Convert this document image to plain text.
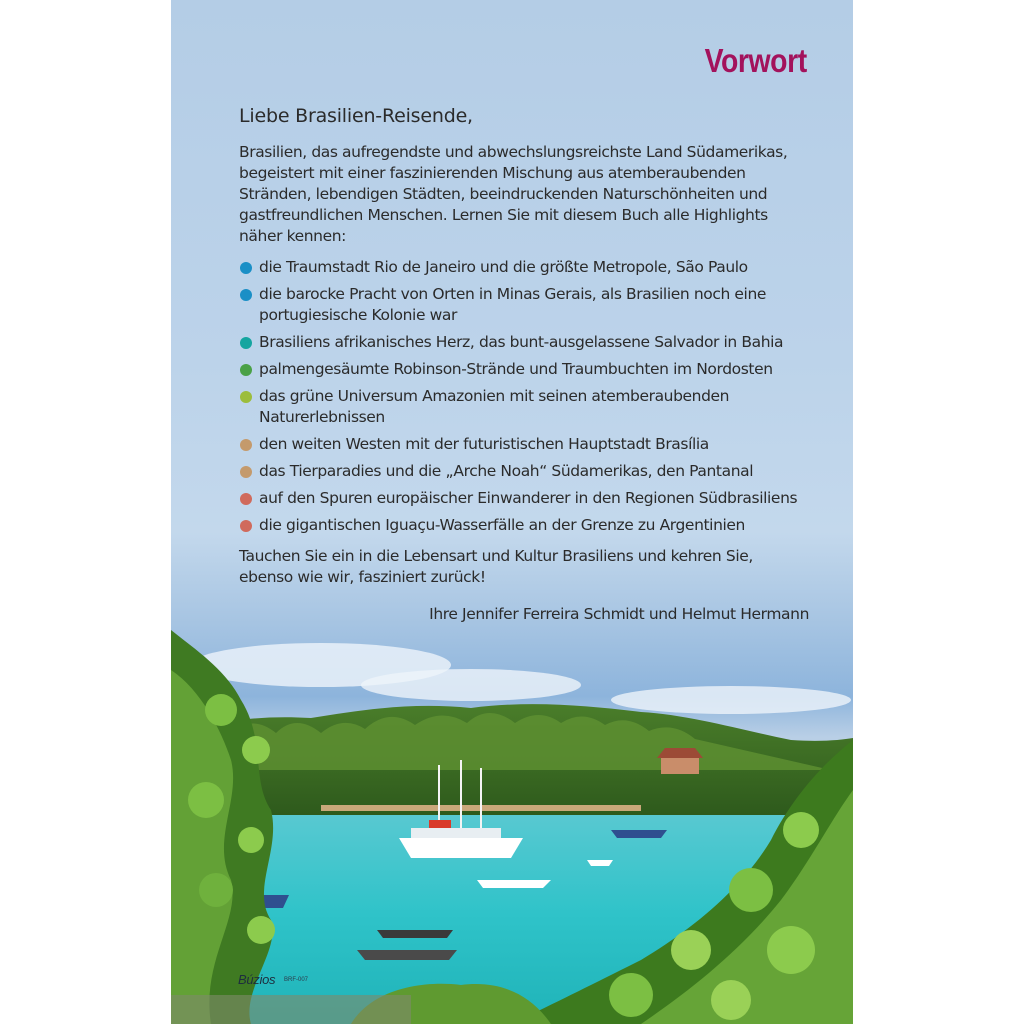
Vorwort

Liebe Brasilien-Reisende,

Brasilien, das aufregendste und abwechslungsreichste Land Südamerikas, begeistert mit einer faszinierenden Mischung aus atemberaubenden Stränden, lebendigen Städten, beeindruckenden Naturschönheiten und gastfreundlichen Menschen. Lernen Sie mit diesem Buch alle Highlights näher kennen:

die Traumstadt Rio de Janeiro und die größte Metropole, São Paulo
die barocke Pracht von Orten in Minas Gerais, als Brasilien noch eine portugiesische Kolonie war
Brasiliens afrikanisches Herz, das bunt-ausgelassene Salvador in Bahia
palmengesäumte Robinson-Strände und Traumbuchten im Nordosten
das grüne Universum Amazonien mit seinen atemberaubenden Naturerlebnissen
den weiten Westen mit der futuristischen Hauptstadt Brasília
das Tierparadies und die „Arche Noah“ Südamerikas, den Pantanal
auf den Spuren europäischer Einwanderer in den Regionen Südbrasiliens
die gigantischen Iguaçu-Wasserfälle an der Grenze zu Argentinien

Tauchen Sie ein in die Lebensart und Kultur Brasiliens und kehren Sie, ebenso wie wir, fasziniert zurück!

Ihre Jennifer Ferreira Schmidt und Helmut Hermann

Búzios BRF-007
